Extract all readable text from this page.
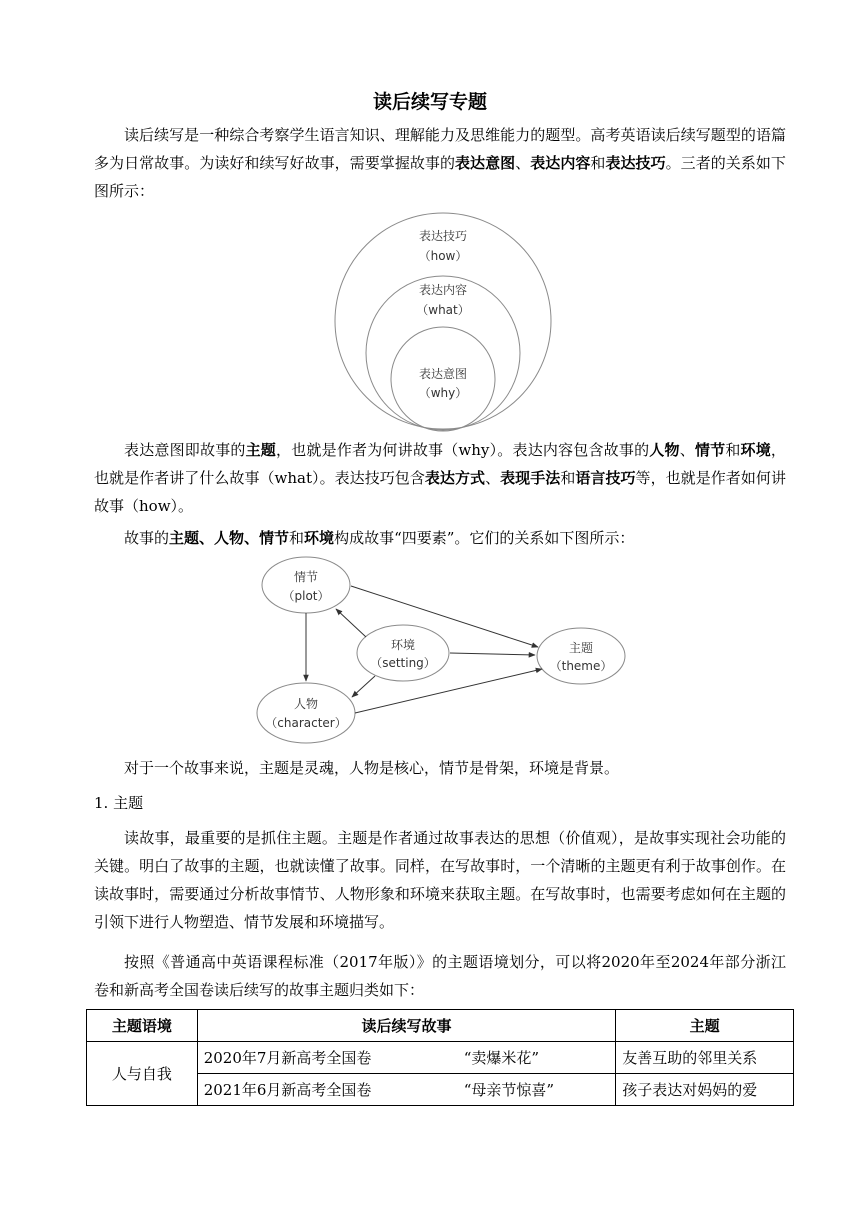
读后续写专题
读后续写是一种综合考察学生语言知识、理解能力及思维能力的题型。高考英语读后续写题型的语篇多为日常故事。为读好和续写好故事，需要掌握故事的表达意图、表达内容和表达技巧。三者的关系如下图所示：
表达技巧
（how）
表达内容
（what）
表达意图
（why）
表达意图即故事的主题，也就是作者为何讲故事（why）。表达内容包含故事的人物、情节和环境，也就是作者讲了什么故事（what）。表达技巧包含表达方式、表现手法和语言技巧等，也就是作者如何讲故事（how）。
故事的主题、人物、情节和环境构成故事“四要素”。它们的关系如下图所示：
情节
（plot）
环境
（setting）
主题
（theme）
人物
（character）
对于一个故事来说，主题是灵魂，人物是核心，情节是骨架，环境是背景。
1. 主题
读故事，最重要的是抓住主题。主题是作者通过故事表达的思想（价值观），是故事实现社会功能的关键。明白了故事的主题，也就读懂了故事。同样，在写故事时，一个清晰的主题更有利于故事创作。在读故事时，需要通过分析故事情节、人物形象和环境来获取主题。在写故事时，也需要考虑如何在主题的引领下进行人物塑造、情节发展和环境描写。
按照《普通高中英语课程标准（2017年版）》的主题语境划分，可以将2020年至2024年部分浙江卷和新高考全国卷读后续写的故事主题归类如下：
主题语境	读后续写故事	主题
人与自我	2020年7月新高考全国卷 “卖爆米花”	友善互助的邻里关系
	2021年6月新高考全国卷 “母亲节惊喜”	孩子表达对妈妈的爱
